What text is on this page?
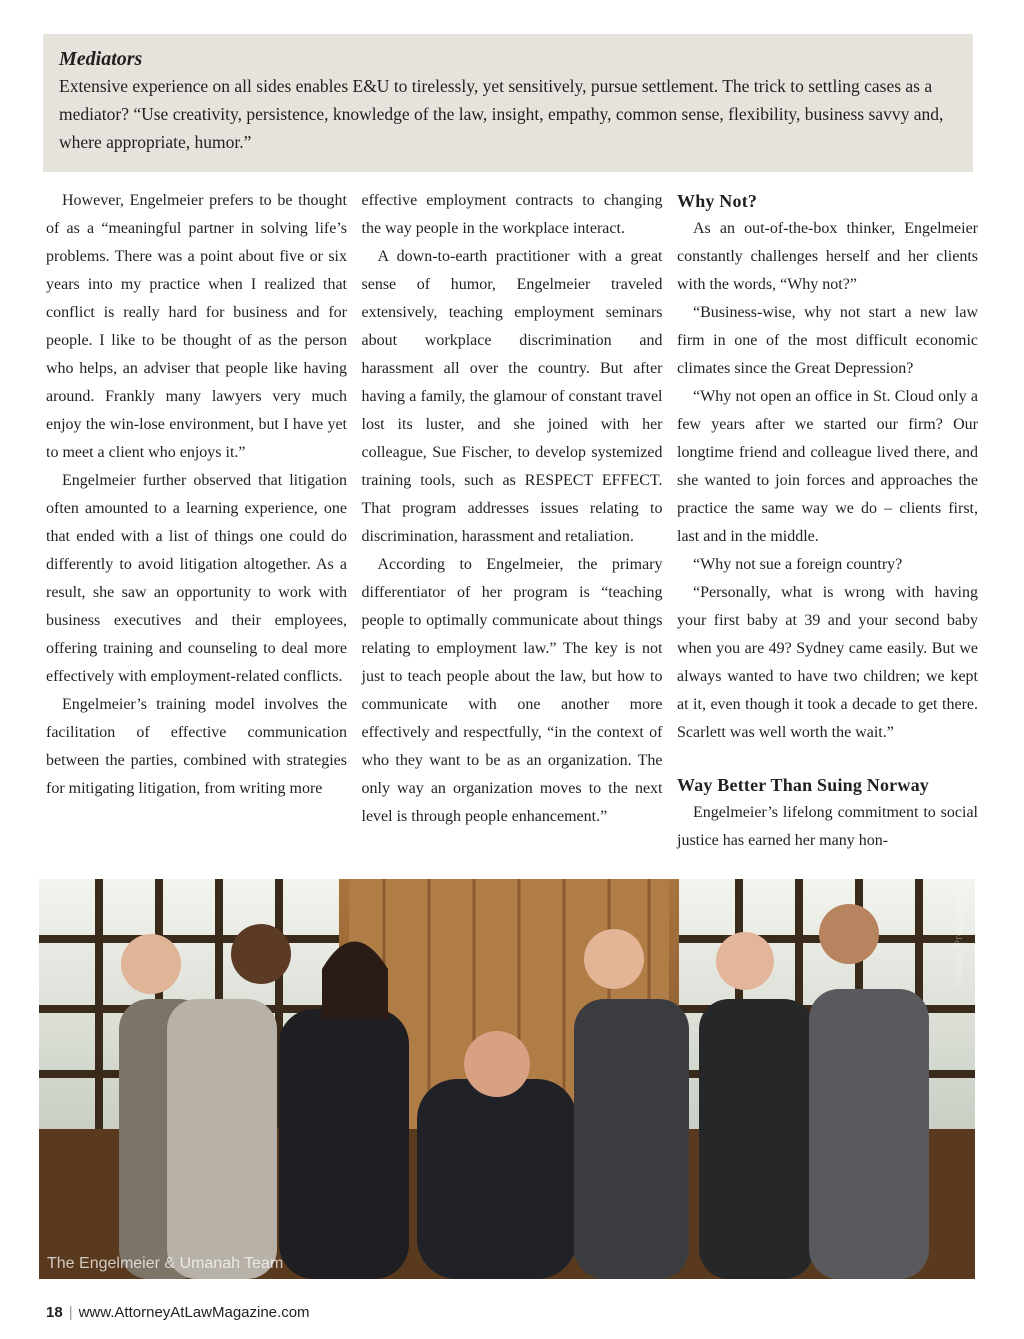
Mediators
Extensive experience on all sides enables E&U to tirelessly, yet sensitively, pursue settlement. The trick to settling cases as a mediator? “Use creativity, persistence, knowledge of the law, insight, empathy, common sense, flexibility, business savvy and, where appropriate, humor.”

However, Engelmeier prefers to be thought of as a “meaningful partner in solving life’s problems. There was a point about five or six years into my practice when I realized that conflict is really hard for business and for people. I like to be thought of as the person who helps, an adviser that people like having around. Frankly many lawyers very much enjoy the win-lose environment, but I have yet to meet a client who enjoys it.”

Engelmeier further observed that litigation often amounted to a learning experience, one that ended with a list of things one could do differently to avoid litigation altogether. As a result, she saw an opportunity to work with business executives and their employees, offering training and counseling to deal more effectively with employment-related conflicts.

Engelmeier’s training model involves the facilitation of effective communication between the parties, combined with strategies for mitigating litigation, from writing more

effective employment contracts to changing the way people in the workplace interact.

A down-to-earth practitioner with a great sense of humor, Engelmeier traveled extensively, teaching employment seminars about workplace discrimination and harassment all over the country. But after having a family, the glamour of constant travel lost its luster, and she joined with her colleague, Sue Fischer, to develop systemized training tools, such as RESPECT EFFECT. That program addresses issues relating to discrimination, harassment and retaliation.

According to Engelmeier, the primary differentiator of her program is “teaching people to optimally communicate about things relating to employment law.” The key is not just to teach people about the law, but how to communicate with one another more effectively and respectfully, “in the context of who they want to be as an organization. The only way an organization moves to the next level is through people enhancement.”

Why Not?

As an out-of-the-box thinker, Engelmeier constantly challenges herself and her clients with the words, “Why not?”

“Business-wise, why not start a new law firm in one of the most difficult economic climates since the Great Depression?

“Why not open an office in St. Cloud only a few years after we started our firm? Our longtime friend and colleague lived there, and she wanted to join forces and approaches the practice the same way we do – clients first, last and in the middle.

“Why not sue a foreign country?

“Personally, what is wrong with having your first baby at 39 and your second baby when you are 49? Sydney came easily. But we always wanted to have two children; we kept at it, even though it took a decade to get there. Scarlett was well worth the wait.”

Way Better Than Suing Norway

Engelmeier’s lifelong commitment to social justice has earned her many hon-

The Engelmeier & Umanah Team
Foliotek Productions
18 | www.AttorneyAtLawMagazine.com
